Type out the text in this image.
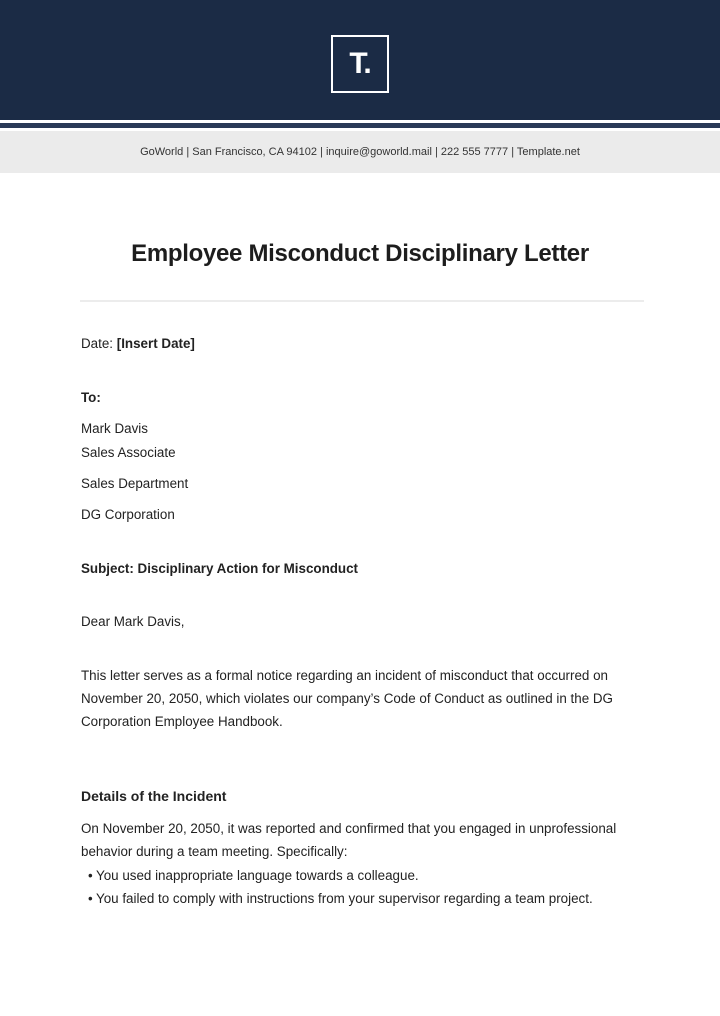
T.
GoWorld | San Francisco, CA 94102 | inquire@goworld.mail | 222 555 7777 | Template.net
Employee Misconduct Disciplinary Letter
Date: [Insert Date]
To:
Mark Davis
Sales Associate
Sales Department
DG Corporation
Subject: Disciplinary Action for Misconduct
Dear Mark Davis,
This letter serves as a formal notice regarding an incident of misconduct that occurred on
November 20, 2050, which violates our company’s Code of Conduct as outlined in the DG
Corporation Employee Handbook.
Details of the Incident
On November 20, 2050, it was reported and confirmed that you engaged in unprofessional
behavior during a team meeting. Specifically:
• You used inappropriate language towards a colleague.
• You failed to comply with instructions from your supervisor regarding a team project.
